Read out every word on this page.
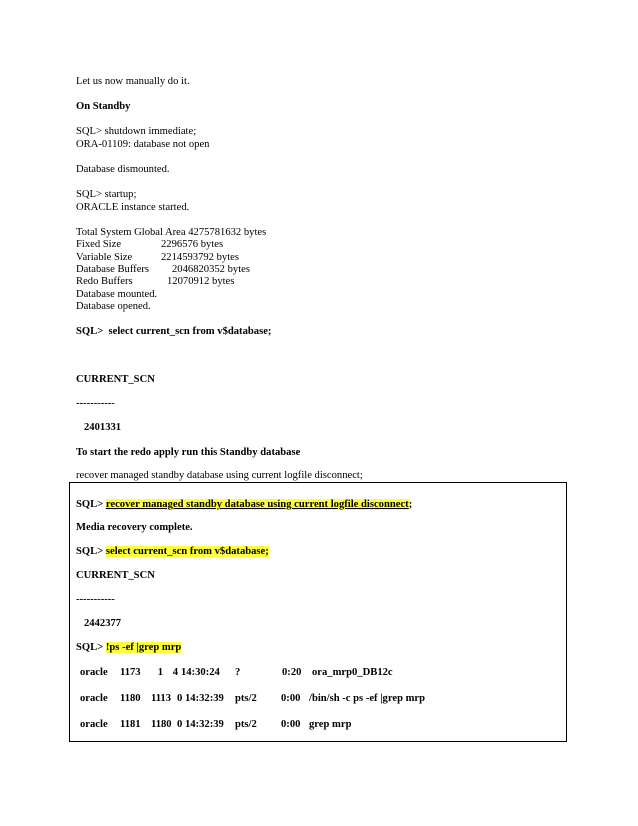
Let us now manually do it.
On Standby
SQL> shutdown immediate;
ORA-01109: database not open
Database dismounted.
SQL> startup;
ORACLE instance started.
Total System Global Area 4275781632 bytes
Fixed Size	2296576 bytes
Variable Size	2214593792 bytes
Database Buffers 2046820352 bytes
Redo Buffers	12070912 bytes
Database mounted.
Database opened.
SQL>  select current_scn from v$database;
CURRENT_SCN
-----------
2401331
To start the redo apply run this Standby database
recover managed standby database using current logfile disconnect;
SQL> recover managed standby database using current logfile disconnect;
Media recovery complete.
SQL> select current_scn from v$database;
CURRENT_SCN
-----------
2442377
SQL> !ps -ef |grep mrp
oracle 1173 1 4 14:30:24 ?	0:20 ora_mrp0_DB12c
oracle 1180 1113 0 14:32:39 pts/2 0:00 /bin/sh -c ps -ef |grep mrp
oracle 1181 1180 0 14:32:39 pts/2 0:00 grep mrp
